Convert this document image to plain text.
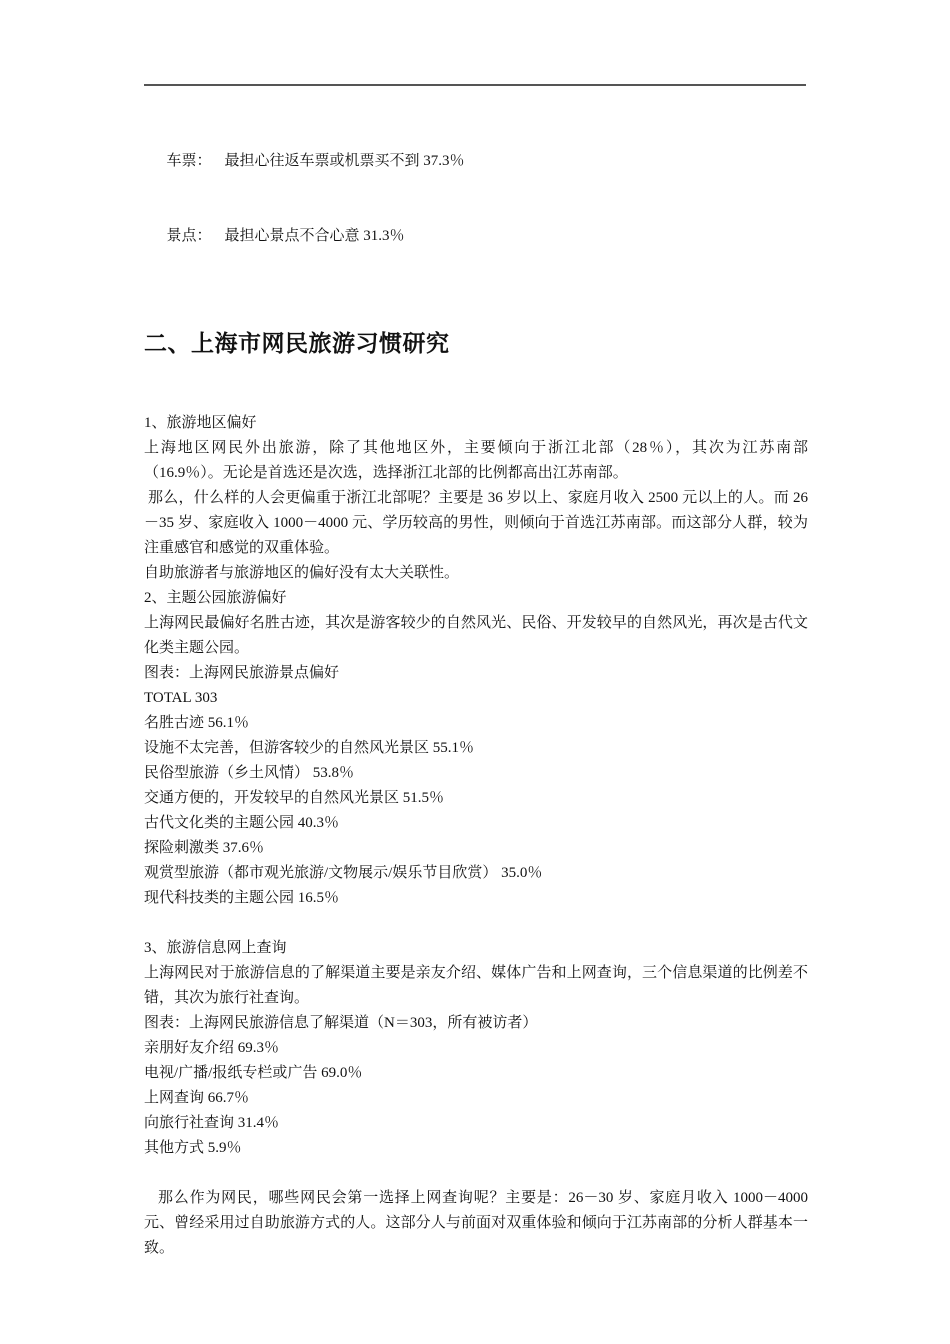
车票： 最担心往返车票或机票买不到 37.3％

景点： 最担心景点不合心意 31.3％

二、上海市网民旅游习惯研究
1、旅游地区偏好
上海地区网民外出旅游，除了其他地区外，主要倾向于浙江北部（28％），其次为江苏南部（16.9％）。无论是首选还是次选，选择浙江北部的比例都高出江苏南部。
那么，什么样的人会更偏重于浙江北部呢？主要是 36 岁以上、家庭月收入 2500 元以上的人。而 26－35 岁、家庭收入 1000－4000 元、学历较高的男性，则倾向于首选江苏南部。而这部分人群，较为注重感官和感觉的双重体验。
自助旅游者与旅游地区的偏好没有太大关联性。
2、主题公园旅游偏好
上海网民最偏好名胜古迹，其次是游客较少的自然风光、民俗、开发较早的自然风光，再次是古代文化类主题公园。
图表：上海网民旅游景点偏好
TOTAL 303
名胜古迹 56.1％
设施不太完善，但游客较少的自然风光景区 55.1％
民俗型旅游（乡土风情） 53.8％
交通方便的，开发较早的自然风光景区 51.5％
古代文化类的主题公园 40.3％
探险刺激类 37.6％
观赏型旅游（都市观光旅游/文物展示/娱乐节目欣赏） 35.0％
现代科技类的主题公园 16.5％
3、旅游信息网上查询
上海网民对于旅游信息的了解渠道主要是亲友介绍、媒体广告和上网查询，三个信息渠道的比例差不错，其次为旅行社查询。
图表：上海网民旅游信息了解渠道（N＝303，所有被访者）
亲朋好友介绍 69.3％
电视/广播/报纸专栏或广告 69.0％
上网查询 66.7％
向旅行社查询 31.4％
其他方式 5.9％
那么作为网民，哪些网民会第一选择上网查询呢？主要是：26－30 岁、家庭月收入 1000－4000 元、曾经采用过自助旅游方式的人。这部分人与前面对双重体验和倾向于江苏南部的分析人群基本一致。
